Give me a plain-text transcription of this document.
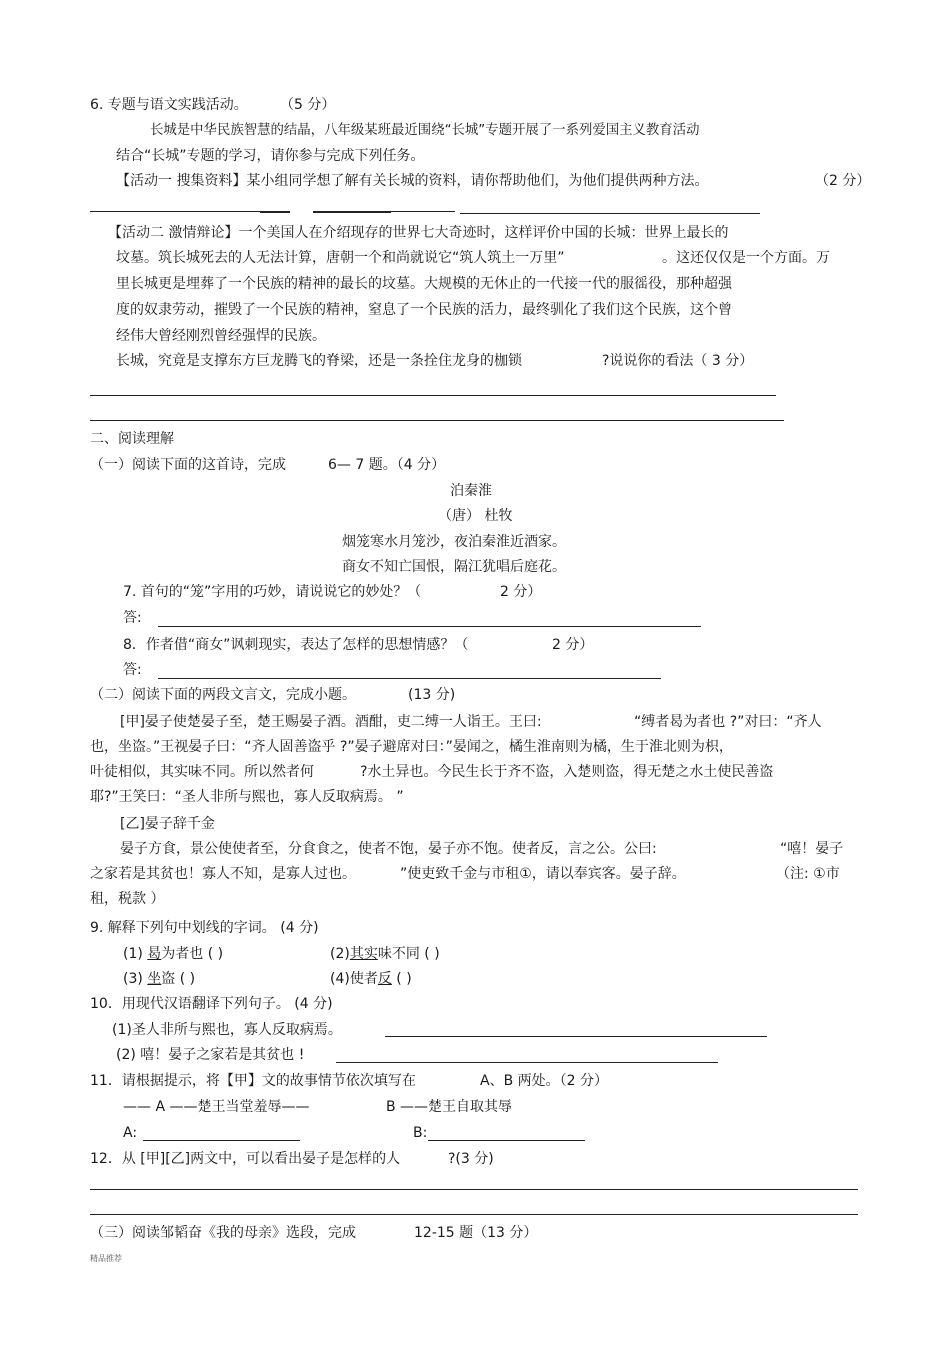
6. 专题与语文实践活动。 （5 分）
长城是中华民族智慧的结晶，八年级某班最近围绕“长城”专题开展了一系列爱国主义教育活动
结合“长城”专题的学习，请你参与完成下列任务。
【活动一 搜集资料】某小组同学想了解有关长城的资料，请你帮助他们，为他们提供两种方法。	（2 分）
【活动二 激情辩论】一个美国人在介绍现存的世界七大奇迹时，这样评价中国的长城：世界上最长的
坟墓。筑长城死去的人无法计算，唐朝一个和尚就说它“筑人筑土一万里”	。这还仅仅是一个方面。万
里长城更是埋葬了一个民族的精神的最长的坟墓。大规模的无休止的一代接一代的服徭役，那种超强
度的奴隶劳动，摧毁了一个民族的精神，窒息了一个民族的活力，最终驯化了我们这个民族，这个曾
经伟大曾经刚烈曾经强悍的民族。
长城，究竟是支撑东方巨龙腾飞的脊梁，还是一条拴住龙身的枷锁	?说说你的看法（ 3 分）
二、阅读理解
（一）阅读下面的这首诗，完成	6— 7 题。（4 分）
泊秦淮
（唐） 杜牧
烟笼寒水月笼沙，夜泊秦淮近酒家。
商女不知亡国恨，隔江犹唱后庭花。
7. 首句的“笼”字用的巧妙，请说说它的妙处？（	2 分）
答:
8．作者借“商女”讽刺现实，表达了怎样的思想情感？（	2 分）
答:
（二）阅读下面的两段文言文，完成小题。	(13 分)
[甲]晏子使楚晏子至，楚王赐晏子酒。酒酣，吏二缚一人诣王。王曰:	“缚者曷为者也 ?”对曰：“齐人
也，坐盗。”王视晏子曰：“齐人固善盗乎 ?”晏子避席对曰：”晏闻之，橘生淮南则为橘，生于淮北则为枳，
叶徒相似，其实味不同。所以然者何	?水土异也。今民生长于齐不盗，入楚则盗，得无楚之水土使民善盗
耶?”王笑曰：“圣人非所与熙也，寡人反取病焉。 ”
[乙]晏子辞千金
晏子方食，景公使使者至，分食食之，使者不饱，晏子亦不饱。使者反，言之公。公曰:	“嘻！晏子
之家若是其贫也！寡人不知，是寡人过也。	”使吏致千金与市租①，请以奉宾客。晏子辞。	（注: ①市
租，税款 ）
9. 解释下列句中划线的字词。 (4 分)
(1) 曷为者也 ( )	(2)其实味不同 ( )
(3) 坐盗 ( )	(4)使者反 ( )
10．用现代汉语翻译下列句子。 (4 分)
(1)圣人非所与熙也，寡人反取病焉。
(2) 嘻！晏子之家若是其贫也 !
11．请根据提示，将【甲】文的故事情节依次填写在	A、B 两处。（2 分）
—— A ——楚王当堂羞辱——	B ——楚王自取其辱
A:	B:
12．从 [甲][乙]两文中，可以看出晏子是怎样的人	?(3 分)
（三）阅读邹韬奋《我的母亲》选段，完成	12-15 题（13 分）
精品推荐
